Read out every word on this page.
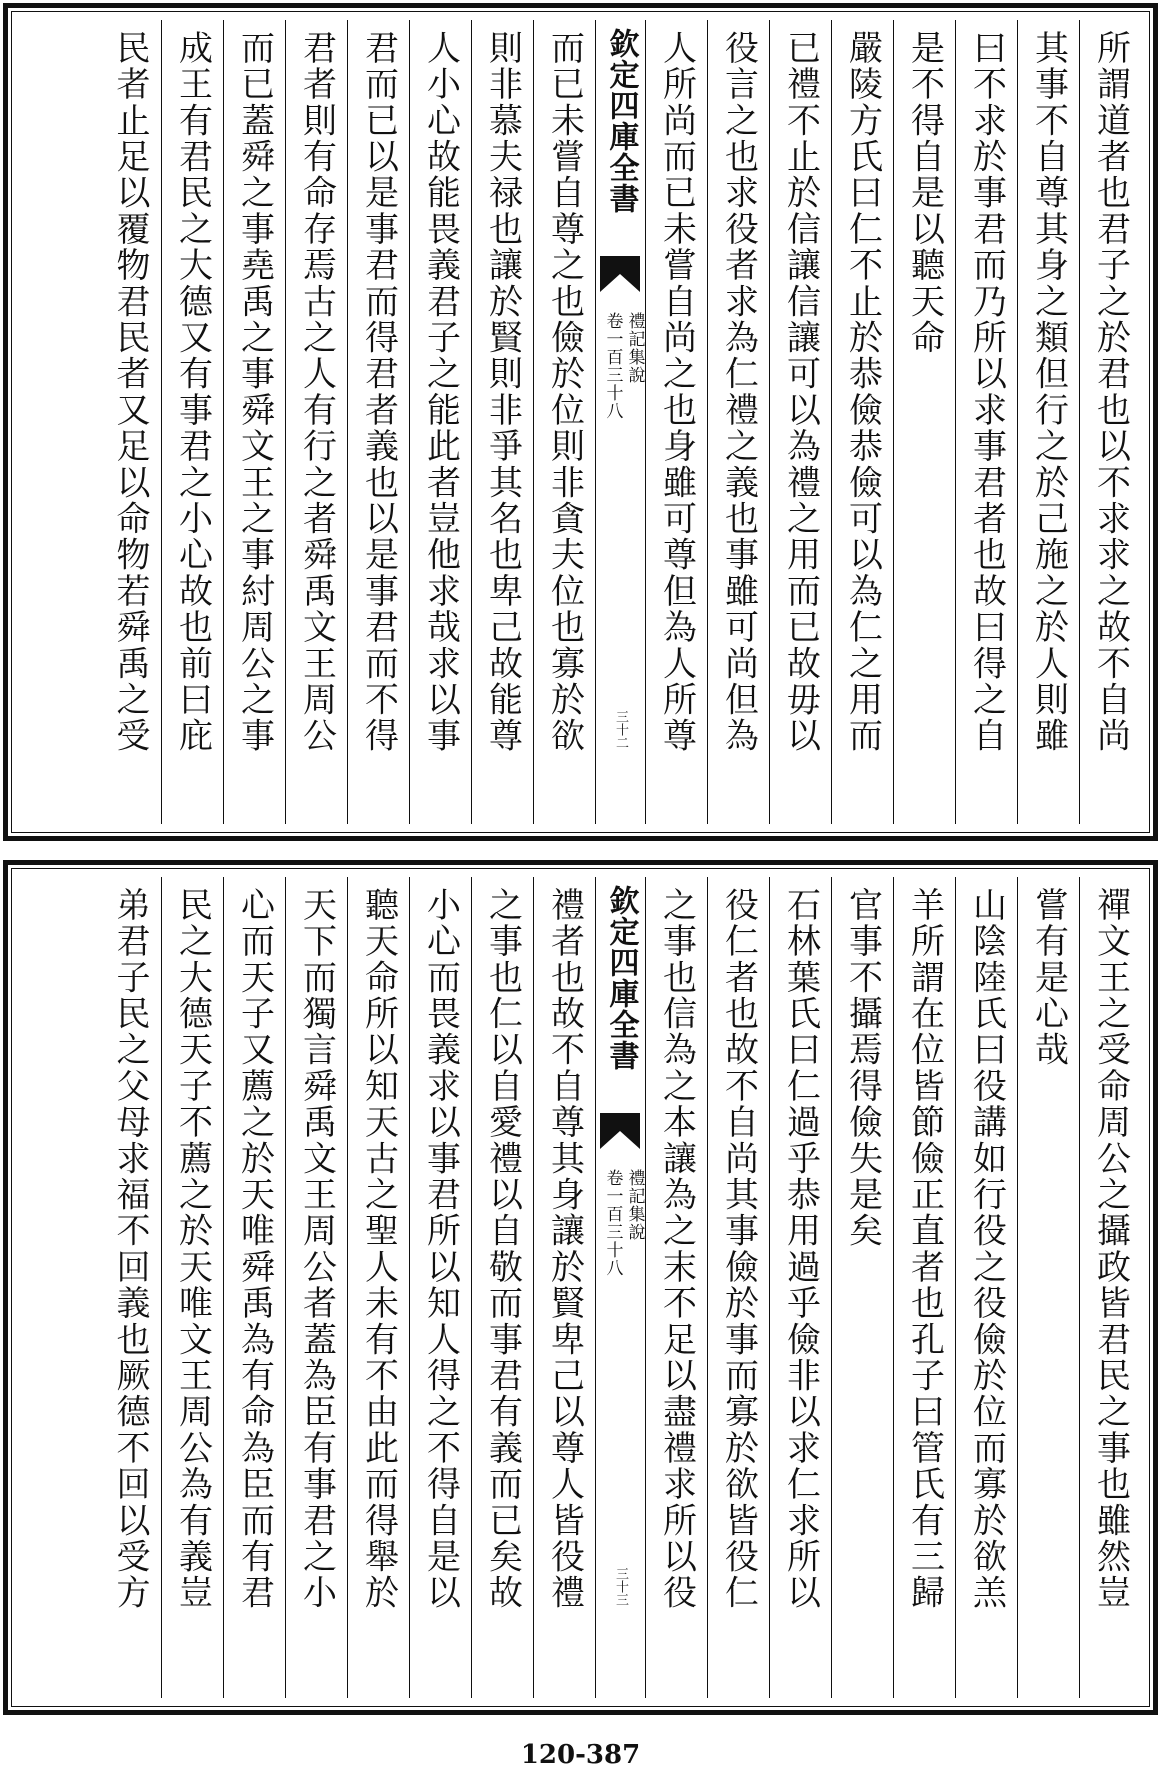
所謂道者也君子之於君也以不求求之故不自尚
其事不自尊其身之類但行之於己施之於人則雖
曰不求於事君而乃所以求事君者也故曰得之自
是不得自是以聽天命
嚴陵方氏曰仁不止於恭儉恭儉可以為仁之用而
已禮不止於信讓信讓可以為禮之用而已故毋以
役言之也求役者求為仁禮之義也事雖可尚但為
人所尚而已未嘗自尚之也身雖可尊但為人所尊
欽定四庫全書
禮記集說
卷一百三十八
三十二
而已未嘗自尊之也儉於位則非貪夫位也寡於欲
則非慕夫禄也讓於賢則非爭其名也卑己故能尊
人小心故能畏義君子之能此者豈他求哉求以事
君而已以是事君而得君者義也以是事君而不得
君者則有命存焉古之人有行之者舜禹文王周公
而已蓋舜之事堯禹之事舜文王之事紂周公之事
成王有君民之大德又有事君之小心故也前曰庇
民者止足以覆物君民者又足以命物若舜禹之受
禪文王之受命周公之攝政皆君民之事也雖然豈
嘗有是心哉
山陰陸氏曰役講如行役之役儉於位而寡於欲羔
羊所謂在位皆節儉正直者也孔子曰管氏有三歸
官事不攝焉得儉失是矣
石林葉氏曰仁過乎恭用過乎儉非以求仁求所以
役仁者也故不自尚其事儉於事而寡於欲皆役仁
之事也信為之本讓為之末不足以盡禮求所以役
欽定四庫全書
禮記集說
卷一百三十八
三十三
禮者也故不自尊其身讓於賢卑己以尊人皆役禮
之事也仁以自愛禮以自敬而事君有義而已矣故
小心而畏義求以事君所以知人得之不得自是以
聽天命所以知天古之聖人未有不由此而得舉於
天下而獨言舜禹文王周公者蓋為臣有事君之小
心而天子又薦之於天唯舜禹為有命為臣而有君
民之大德天子不薦之於天唯文王周公為有義豈
弟君子民之父母求福不回義也厥德不回以受方
120-387
